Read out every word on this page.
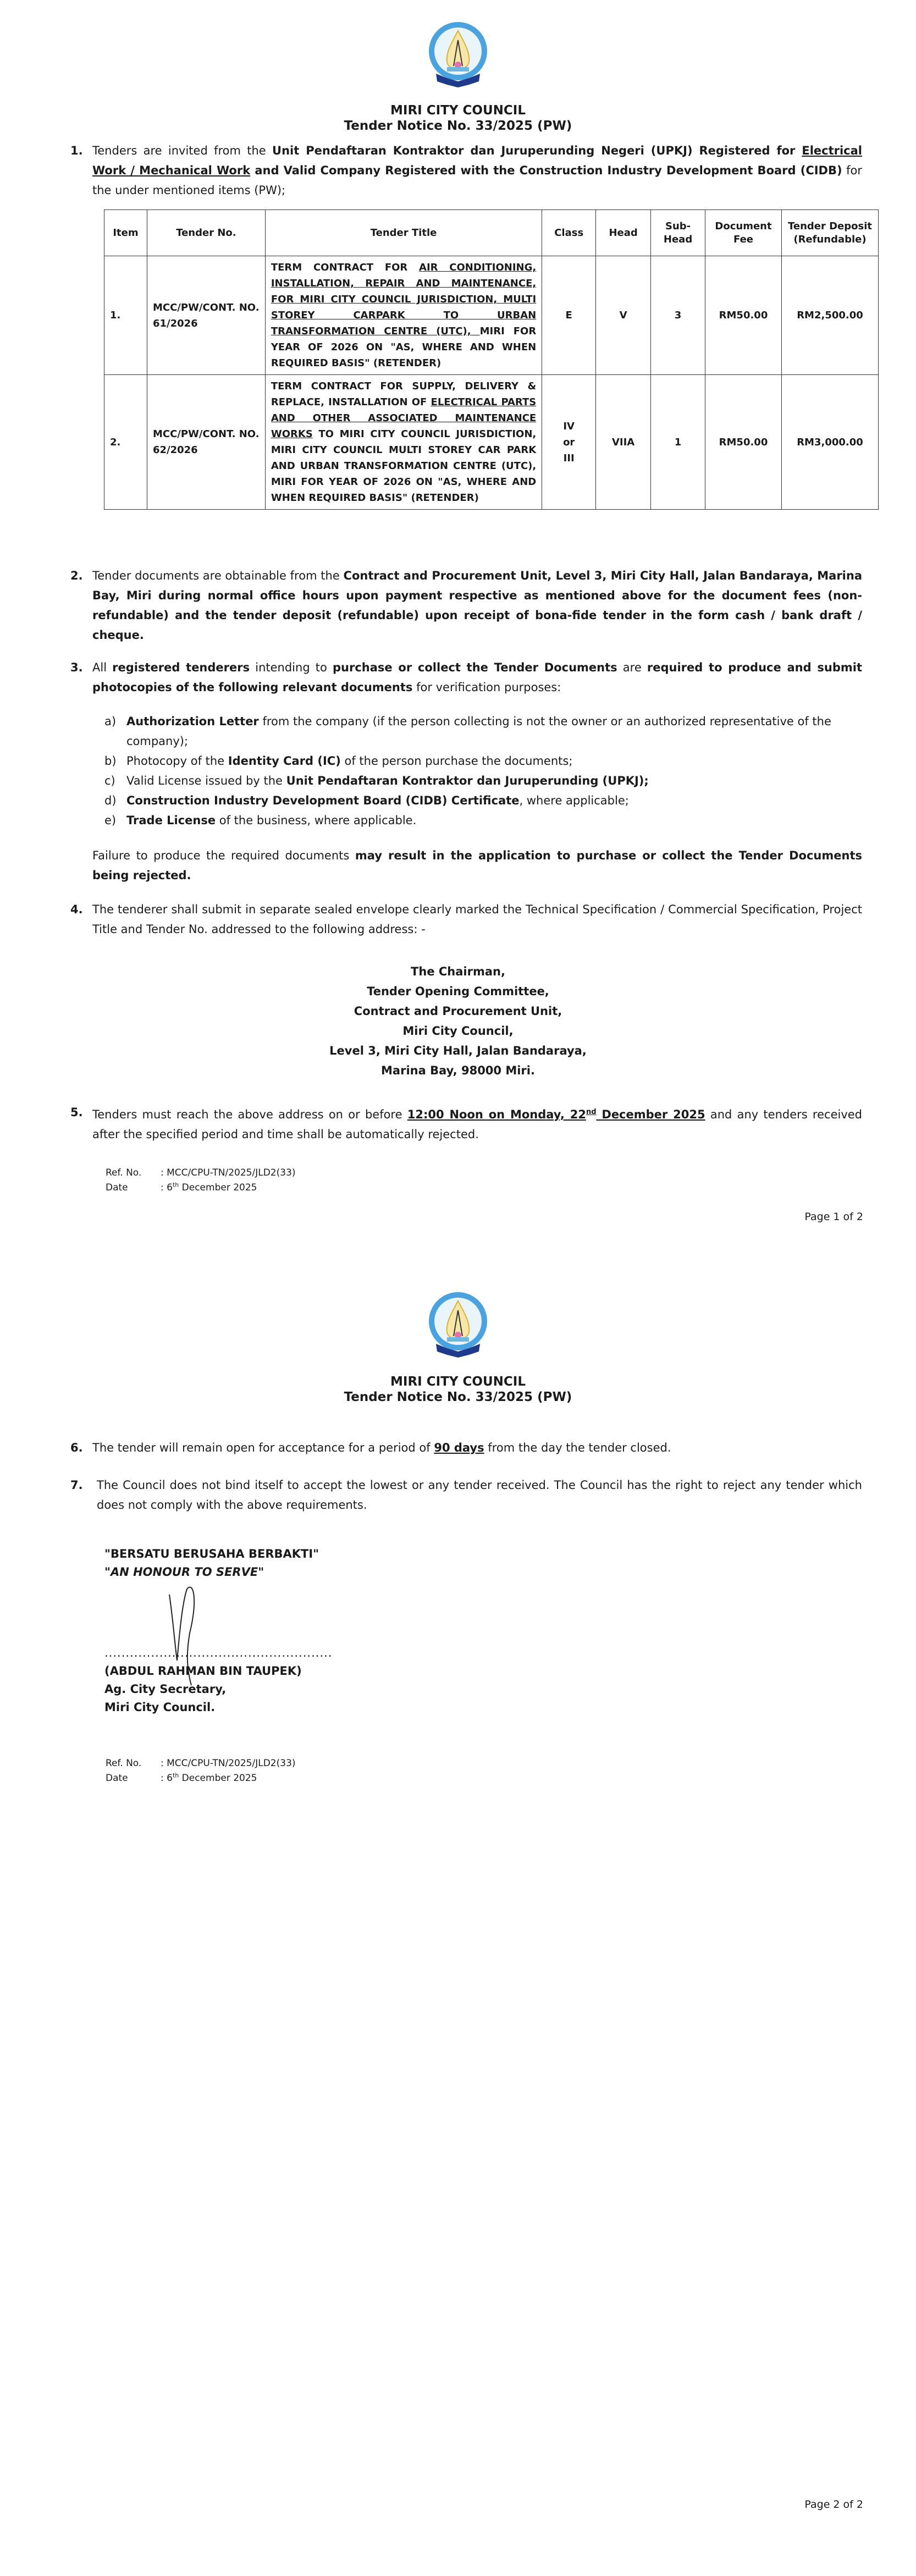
MIRI CITY COUNCIL
Tender Notice No. 33/2025 (PW)
1. Tenders are invited from the Unit Pendaftaran Kontraktor dan Juruperunding Negeri (UPKJ) Registered for Electrical Work / Mechanical Work and Valid Company Registered with the Construction Industry Development Board (CIDB) for the under mentioned items (PW);
Item	Tender No.	Tender Title	Class	Head	Sub-Head	Document Fee	Tender Deposit (Refundable)
1.	MCC/PW/CONT. NO. 61/2026	TERM CONTRACT FOR AIR CONDITIONING, INSTALLATION, REPAIR AND MAINTENANCE, FOR MIRI CITY COUNCIL JURISDICTION, MULTI STOREY CARPARK TO URBAN TRANSFORMATION CENTRE (UTC), MIRI FOR YEAR OF 2026 ON "AS, WHERE AND WHEN REQUIRED BASIS" (RETENDER)	E	V	3	RM50.00	RM2,500.00
2.	MCC/PW/CONT. NO. 62/2026	TERM CONTRACT FOR SUPPLY, DELIVERY & REPLACE, INSTALLATION OF ELECTRICAL PARTS AND OTHER ASSOCIATED MAINTENANCE WORKS TO MIRI CITY COUNCIL JURISDICTION, MIRI CITY COUNCIL MULTI STOREY CAR PARK AND URBAN TRANSFORMATION CENTRE (UTC), MIRI FOR YEAR OF 2026 ON "AS, WHERE AND WHEN REQUIRED BASIS" (RETENDER)	IV or III	VIIA	1	RM50.00	RM3,000.00
2. Tender documents are obtainable from the Contract and Procurement Unit, Level 3, Miri City Hall, Jalan Bandaraya, Marina Bay, Miri during normal office hours upon payment respective as mentioned above for the document fees (non-refundable) and the tender deposit (refundable) upon receipt of bona-fide tender in the form cash / bank draft / cheque.
3. All registered tenderers intending to purchase or collect the Tender Documents are required to produce and submit photocopies of the following relevant documents for verification purposes:
a) Authorization Letter from the company (if the person collecting is not the owner or an authorized representative of the company);
b) Photocopy of the Identity Card (IC) of the person purchase the documents;
c) Valid License issued by the Unit Pendaftaran Kontraktor dan Juruperunding (UPKJ);
d) Construction Industry Development Board (CIDB) Certificate, where applicable;
e) Trade License of the business, where applicable.
Failure to produce the required documents may result in the application to purchase or collect the Tender Documents being rejected.
4. The tenderer shall submit in separate sealed envelope clearly marked the Technical Specification / Commercial Specification, Project Title and Tender No. addressed to the following address: -
The Chairman,
Tender Opening Committee,
Contract and Procurement Unit,
Miri City Council,
Level 3, Miri City Hall, Jalan Bandaraya,
Marina Bay, 98000 Miri.
5. Tenders must reach the above address on or before 12:00 Noon on Monday, 22nd December 2025 and any tenders received after the specified period and time shall be automatically rejected.
Ref. No. : MCC/CPU-TN/2025/JLD2(33)
Date	: 6th December 2025
Page 1 of 2
MIRI CITY COUNCIL
Tender Notice No. 33/2025 (PW)
6. The tender will remain open for acceptance for a period of 90 days from the day the tender closed.
7. The Council does not bind itself to accept the lowest or any tender received. The Council has the right to reject any tender which does not comply with the above requirements.
"BERSATU BERUSAHA BERBAKTI"
"AN HONOUR TO SERVE"
......................................................
(ABDUL RAHMAN BIN TAUPEK)
Ag. City Secretary,
Miri City Council.
Ref. No. : MCC/CPU-TN/2025/JLD2(33)
Date	: 6th December 2025
Page 2 of 2
